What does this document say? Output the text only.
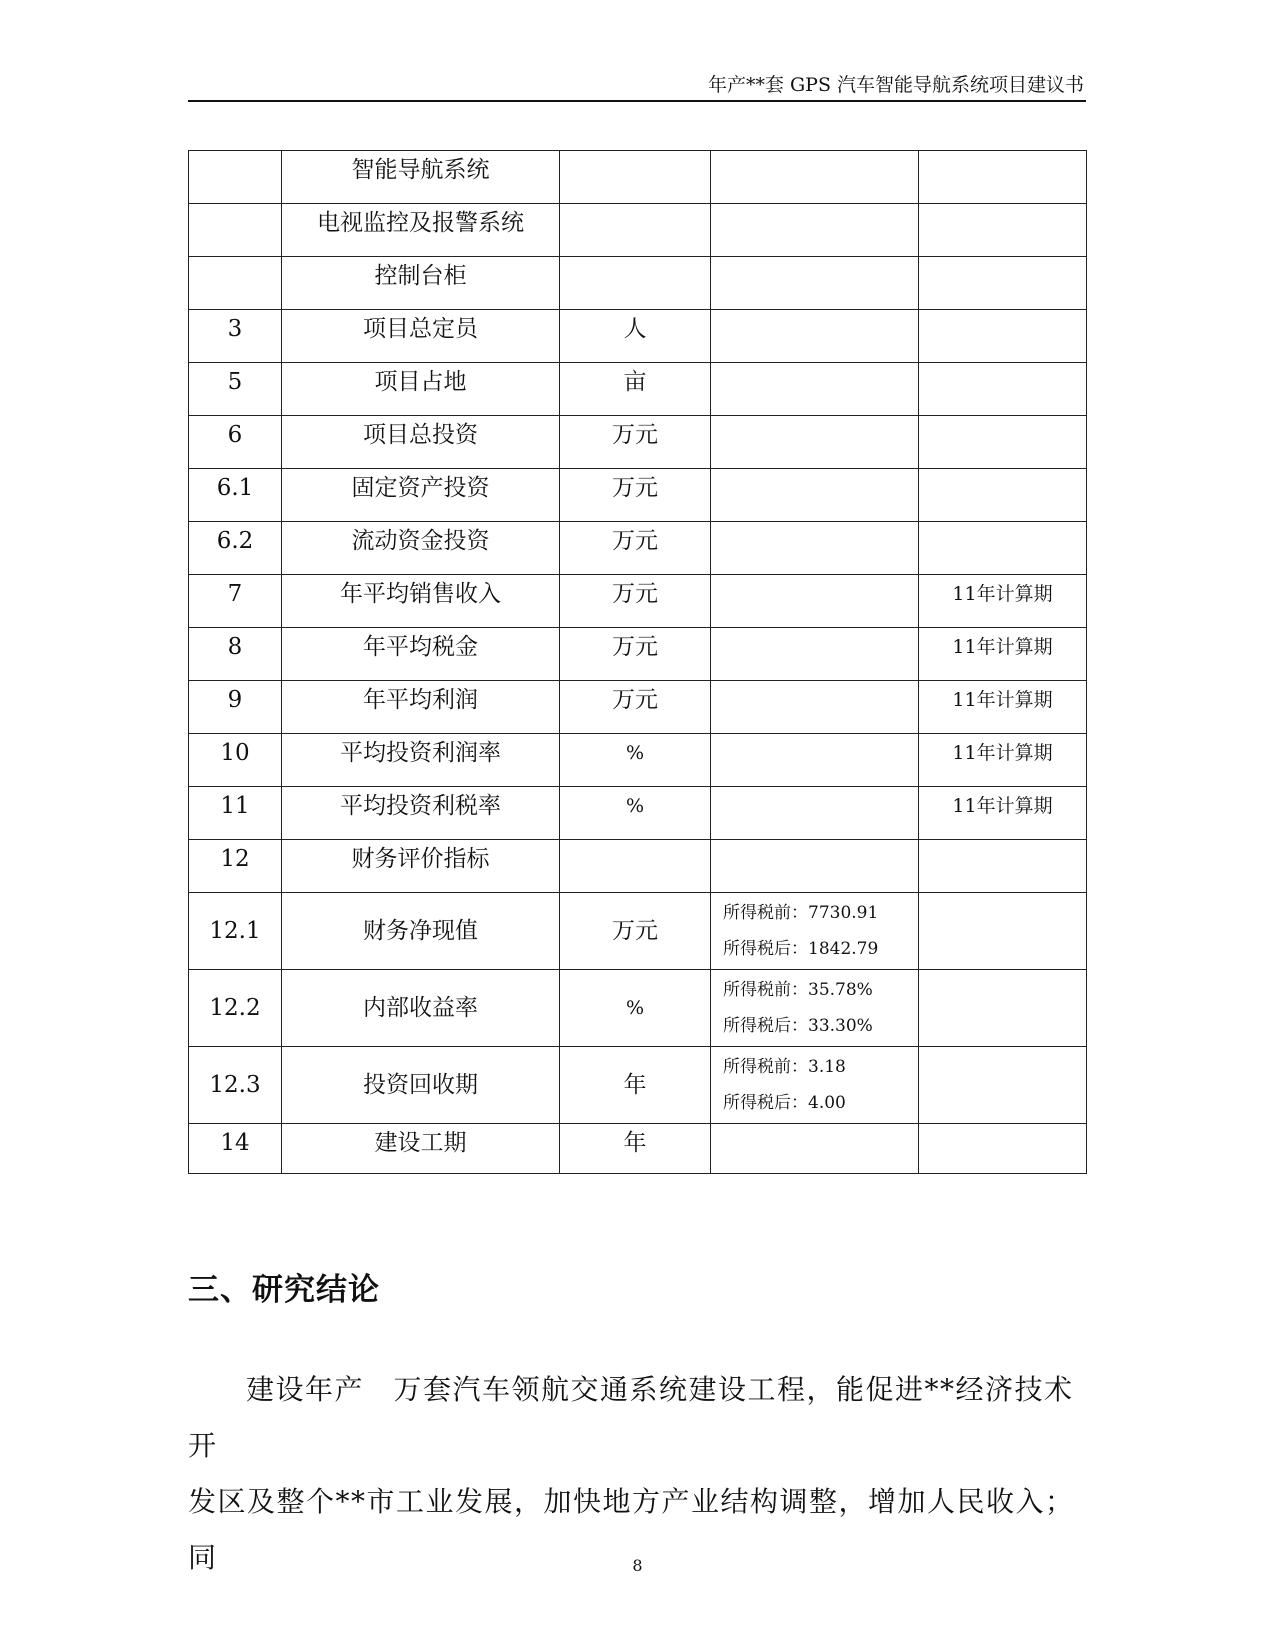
年产**套 GPS 汽车智能导航系统项目建议书
	智能导航系统			
	电视监控及报警系统			
	控制台柜			
3	项目总定员	人		
5	项目占地	亩		
6	项目总投资	万元		
6.1	固定资产投资	万元		
6.2	流动资金投资	万元		
7	年平均销售收入	万元		11年计算期
8	年平均税金	万元		11年计算期
9	年平均利润	万元		11年计算期
10	平均投资利润率	%		11年计算期
11	平均投资利税率	%		11年计算期
12	财务评价指标			
12.1	财务净现值	万元	所得税前：7730.91
所得税后：1842.79	

12.2	内部收益率	%	所得税前：35.78%
所得税后：33.30%	

12.3	投资回收期	年	所得税前：3.18
所得税后：4.00	

14	建设工期	年		
三、研究结论
建设年产　万套汽车领航交通系统建设工程，能促进**经济技术开
发区及整个**市工业发展，加快地方产业结构调整，增加人民收入；同	8
